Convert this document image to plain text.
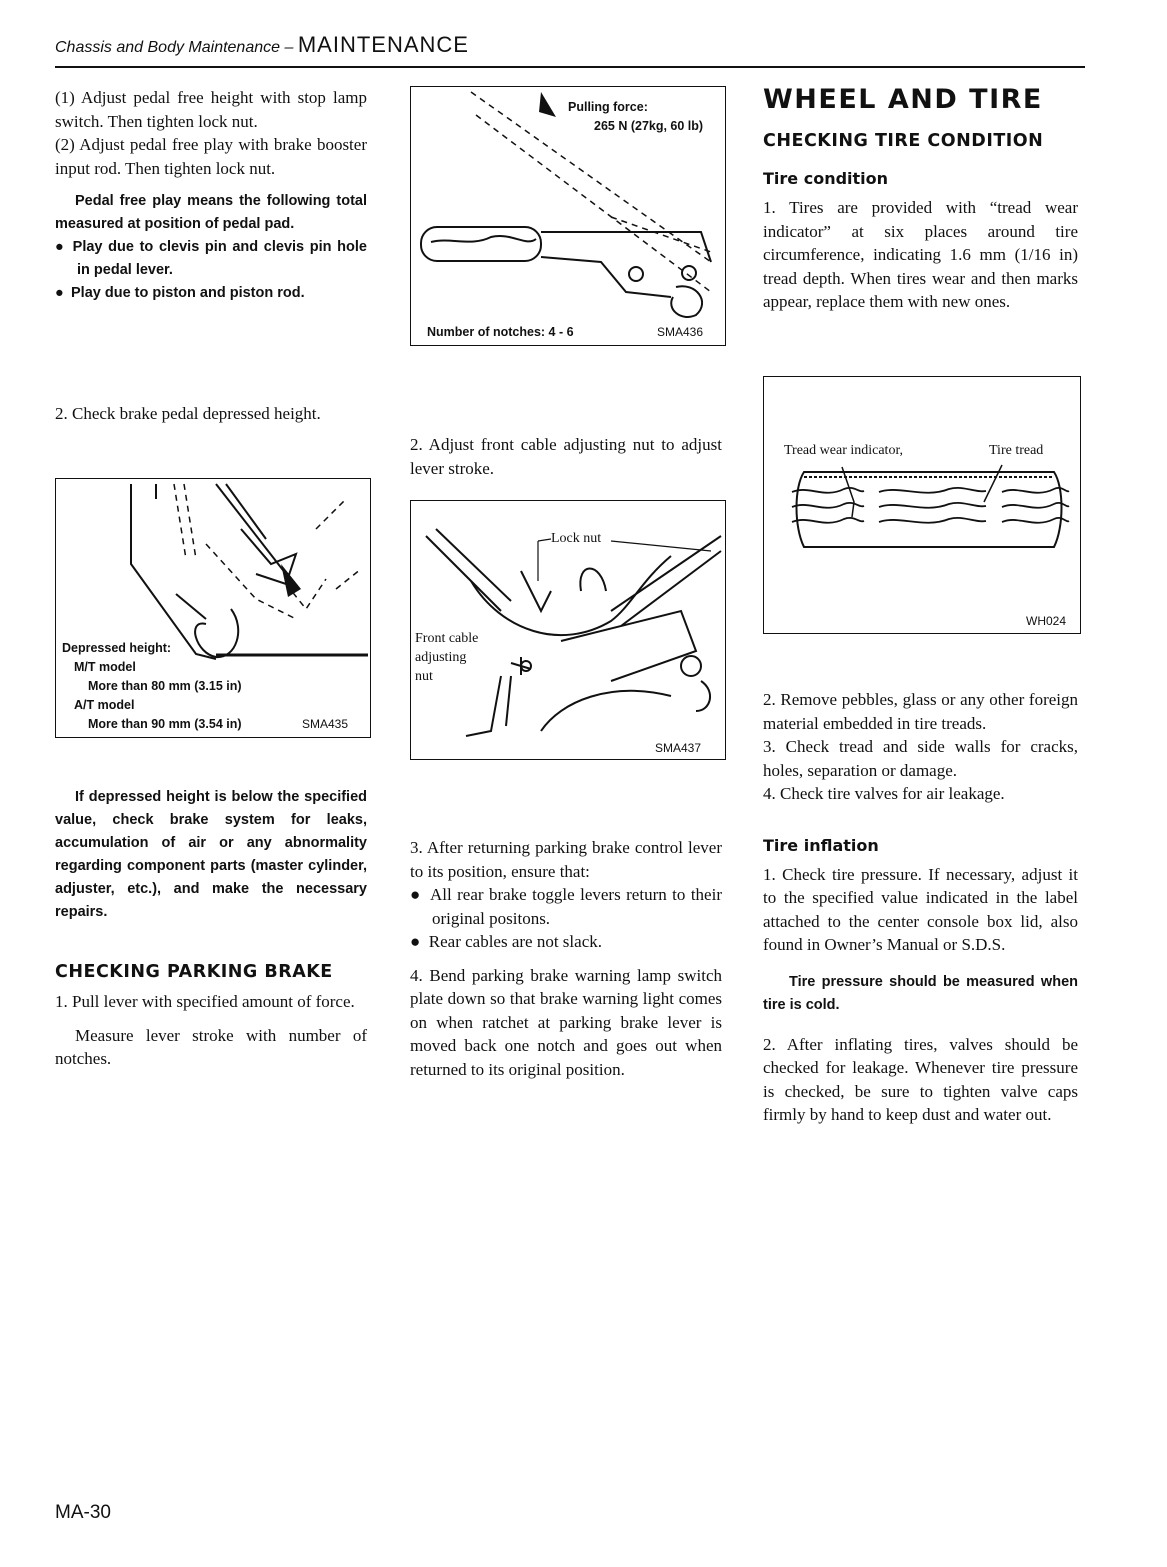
Chassis and Body Maintenance – MAINTENANCE

(1) Adjust pedal free height with stop lamp switch. Then tighten lock nut.

(2) Adjust pedal free play with brake booster input rod. Then tighten lock nut.

Pedal free play means the following total measured at position of pedal pad.
● Play due to clevis pin and clevis pin hole in pedal lever.
● Play due to piston and piston rod.

2. Check brake pedal depressed height.

Depressed height:
M/T model
More than 80 mm (3.15 in)
A/T model
More than 90 mm (3.54 in)	SMA435
If depressed height is below the specified value, check brake system for leaks, accumulation of air or any abnormality regarding component parts (master cylinder, adjuster, etc.), and make the necessary repairs.
CHECKING PARKING BRAKE

1. Pull lever with specified amount of force.

Measure lever stroke with number of notches.

Pulling force:
265 N (27kg, 60 lb)
Number of notches: 4 - 6	SMA436

2. Adjust front cable adjusting nut to adjust lever stroke.

Lock nut
Front cable
adjusting
nut
SMA437

3. After returning parking brake control lever to its position, ensure that:

● All rear brake toggle levers return to their original positons.

● Rear cables are not slack.

4. Bend parking brake warning lamp switch plate down so that brake warning light comes on when ratchet at parking brake lever is moved back one notch and goes out when returned to its original position.

WHEEL AND TIRE
CHECKING TIRE CONDITION
Tire condition

1. Tires are provided with “tread wear indicator” at six places around tire circumference, indicating 1.6 mm (1/16 in) tread depth. When tires wear and then marks appear, replace them with new ones.

Tread wear indicator,	Tire tread
WH024

2. Remove pebbles, glass or any other foreign material embedded in tire treads.

3. Check tread and side walls for cracks, holes, separation or damage.

4. Check tire valves for air leakage.

Tire inflation

1. Check tire pressure. If necessary, adjust it to the specified value indicated in the label attached to the center console box lid, also found in Owner’s Manual or S.D.S.

Tire pressure should be measured when tire is cold.

2. After inflating tires, valves should be checked for leakage. Whenever tire pressure is checked, be sure to tighten valve caps firmly by hand to keep dust and water out.

MA-30
